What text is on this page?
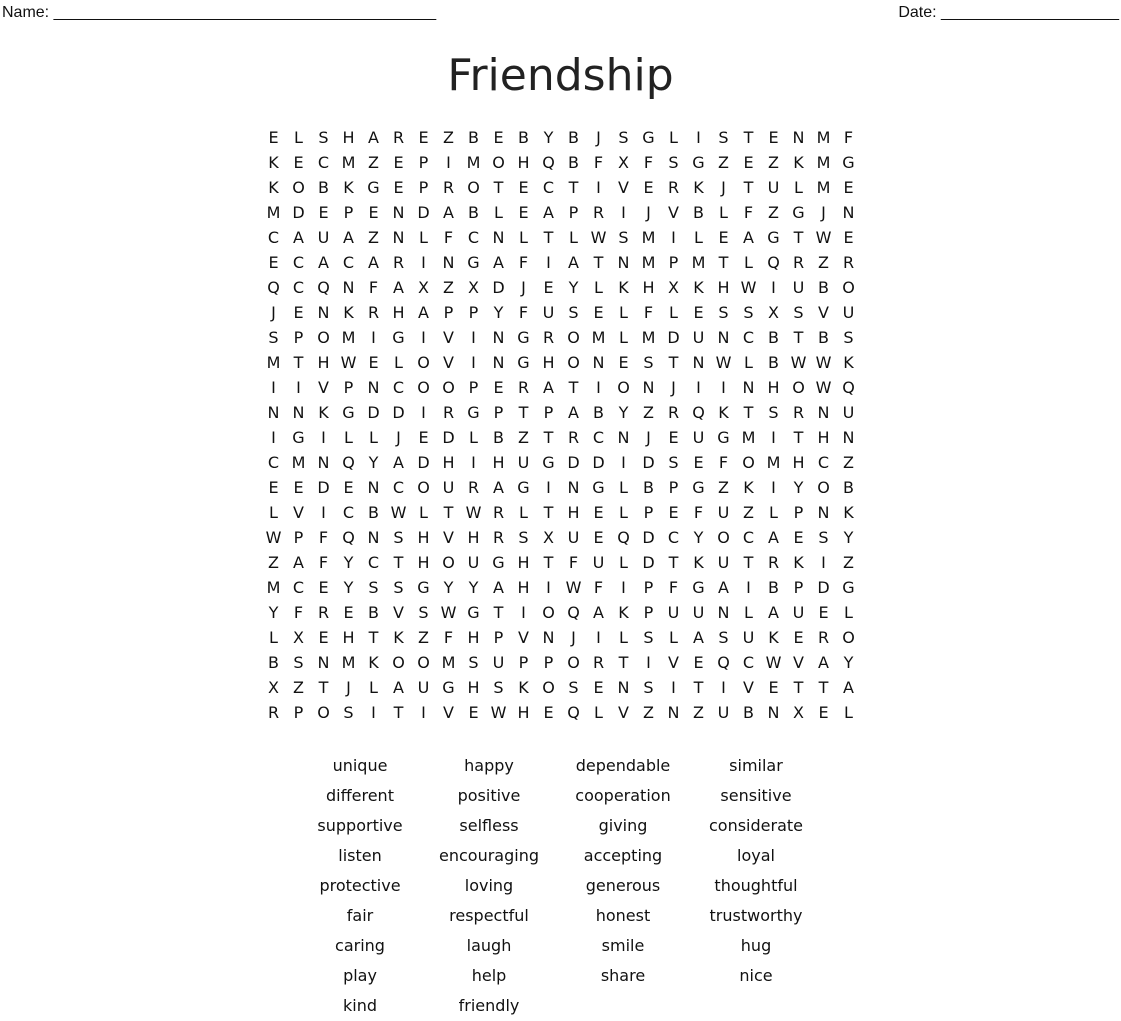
Name: ___________________________________________	Date: ____________________
Friendship
E L S H A R E Z B E B Y B	J	S G L	I	S T E N M F
K E C M Z E P	I M O H Q B F X F S G Z E Z K M G
K O B K G E P R O T E C T	I	V E R K	J	T U L M E
M D E P E N D A B L E A P R	I	J	V B L F Z G	J	N
C A U A Z N L F C N L T L W S M I	L E A G T W E
E C A C A R	I	N G A F	I	A T N M P M T L Q R Z R
Q C Q N F A X Z X D	J	E Y L K H X K H W I	U B O
J	E N K R H A P P Y F U S E L F L E S S X S V U
S P O M I	G	I	V	I	N G R O M L M D U N C B T B S
M T H W E L O V	I	N G H O N E S T N W L B W W K
I	I	V P N C O O P E R A T	I	O N	J	I	I	N H O W Q
N N K G D D	I	R G P T P A B Y Z R Q K T S R N U
I	G	I	L	L	J	E D L B Z T R C N	J	E U G M I	T H N
C M N Q Y A D H	I	H U G D D	I	D S E F O M H C Z
E E D E N C O U R A G	I	N G L B P G Z K	I	Y O B
L V	I	C B W L T W R L T H E L P E F U Z L P N K
W P F Q N S H V H R S X U E Q D C Y O C A E S Y
Z A F Y C T H O U G H T F U L D T K U T R K	I	Z
M C E Y S S G Y Y A H	I W F	I	P F G A	I	B P D G
Y F R E B V S W G T	I	O Q A K P U U N L A U E L
L X E H T K Z F H P V N	J	I	L S L A S U K E R O
B S N M K O O M S U P P O R T	I	V E Q C W V A Y
X Z T	J	L A U G H S K O S E N S	I	T	I	V E T T A
R P O S	I	T	I	V E W H E Q L V Z N Z U B N X E L
unique
different
supportive
listen
protective
fair
caring
play
kind
happy
positive
selfless
encouraging
loving
respectful
laugh
help
friendly
dependable
cooperation
giving
accepting
generous
honest
smile
share
similar
sensitive
considerate
loyal
thoughtful
trustworthy
hug
nice
